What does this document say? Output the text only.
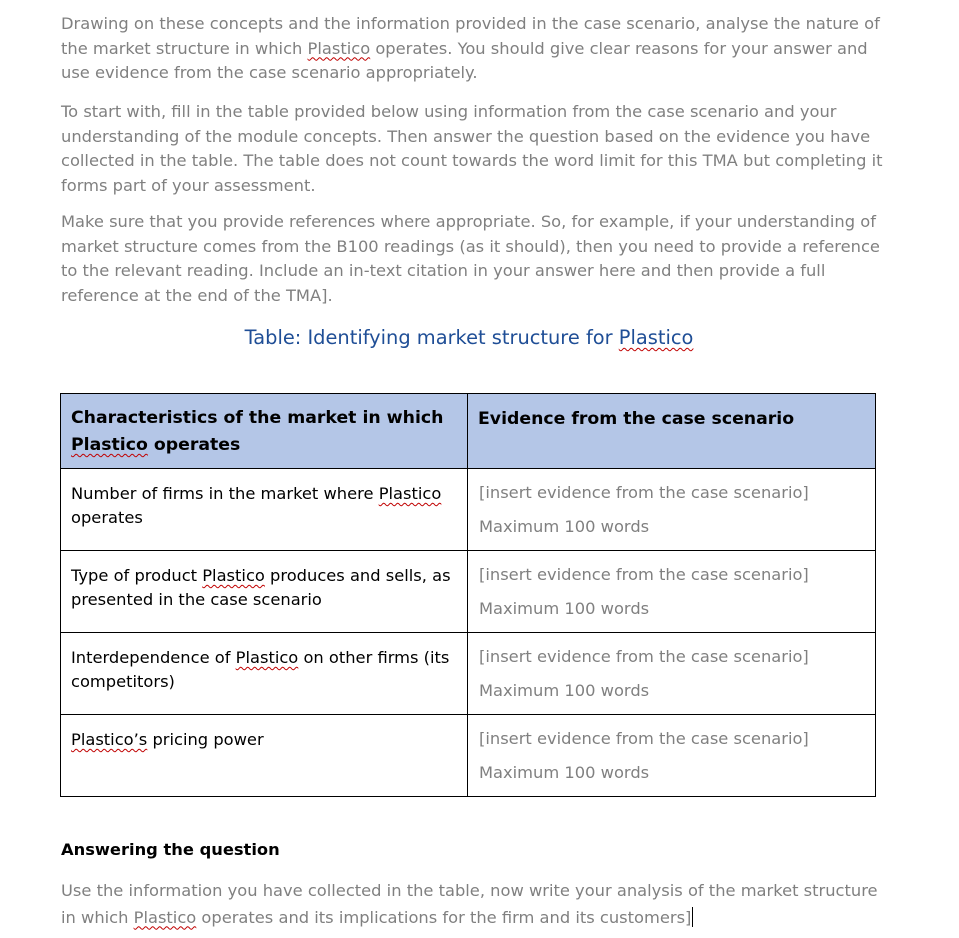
Drawing on these concepts and the information provided in the case scenario, analyse the nature of the market structure in which Plastico operates. You should give clear reasons for your answer and use evidence from the case scenario appropriately.

To start with, fill in the table provided below using information from the case scenario and your understanding of the module concepts. Then answer the question based on the evidence you have collected in the table. The table does not count towards the word limit for this TMA but completing it forms part of your assessment.

Make sure that you provide references where appropriate. So, for example, if your understanding of market structure comes from the B100 readings (as it should), then you need to provide a reference to the relevant reading. Include an in-text citation in your answer here and then provide a full reference at the end of the TMA].

Table: Identifying market structure for Plastico

Characteristics of the market in which Plastico operates	Evidence from the case scenario

Number of firms in the market where Plastico operates	[insert evidence from the case scenario]
Maximum 100 words

Type of product Plastico produces and sells, as presented in the case scenario	[insert evidence from the case scenario]
Maximum 100 words

Interdependence of Plastico on other firms (its competitors)	[insert evidence from the case scenario]
Maximum 100 words

Plastico’s pricing power	[insert evidence from the case scenario]
Maximum 100 words

Answering the question

Use the information you have collected in the table, now write your analysis of the market structure in which Plastico operates and its implications for the firm and its customers]
